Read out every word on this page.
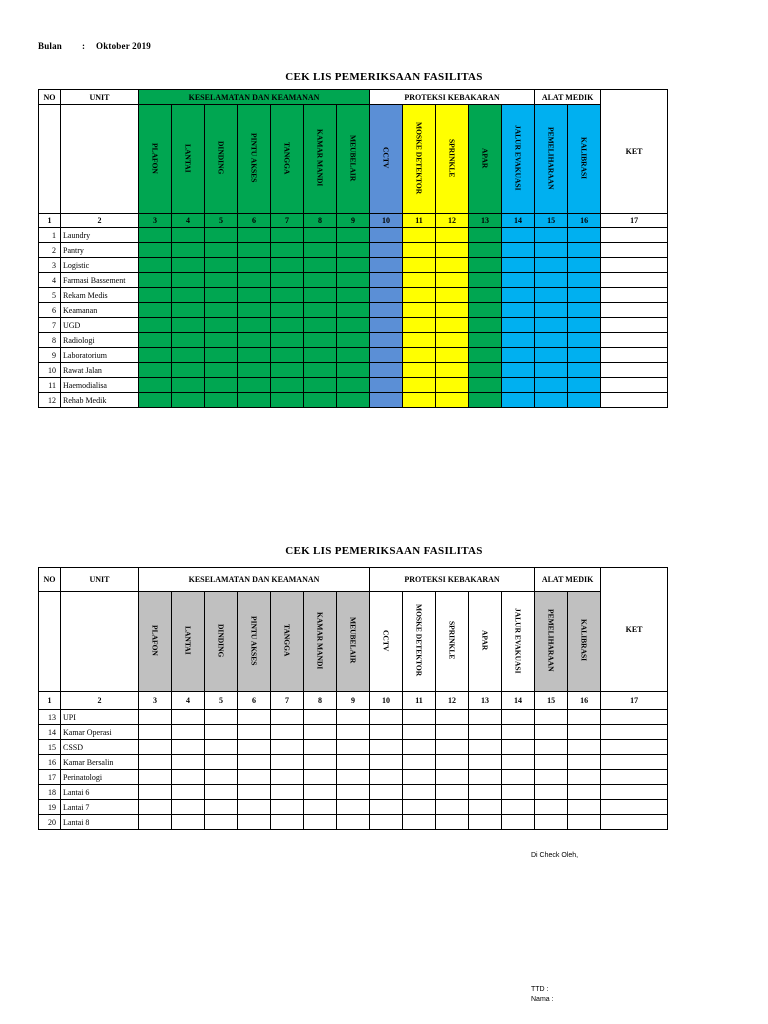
Bulan : Oktober 2019
CEK LIS PEMERIKSAAN FASILITAS
NO	UNIT	KESELAMATAN DAN KEAMANAN							PROTEKSI KEBAKARAN					ALAT MEDIK		KET
		PLAFON	LANTAI	DINDING	PINTU AKSES	TANGGA	KAMAR MANDI	MEUBELAIR	CCTV	MOSKE DETEKTOR	SPRINKLE	APAR	JALUR EVAKUASI	PEMELIHARAAN	KALIBRASI	
1	2	3	4	5	6	7	8	9	10	11	12	13	14	15	16	17
1	Laundry															
2	Pantry															
3	Logistic															
4	Farmasi Bassement															
5	Rekam Medis															
6	Keamanan															
7	UGD															
8	Radiologi															
9	Laboratorium															
10	Rawat Jalan															
11	Haemodialisa															
12	Rehab Medik															
CEK LIS PEMERIKSAAN FASILITAS
NO	UNIT	KESELAMATAN DAN KEAMANAN							PROTEKSI KEBAKARAN					ALAT MEDIK		KET
		PLAFON	LANTAI	DINDING	PINTU AKSES	TANGGA	KAMAR MANDI	MEUBELAIR	CCTV	MOSKE DETEKTOR	SPRINKLE	APAR	JALUR EVAKUASI	PEMELIHARAAN	KALIBRASI	
1	2	3	4	5	6	7	8	9	10	11	12	13	14	15	16	17
13	UPI															
14	Kamar Operasi															
15	CSSD															
16	Kamar Bersalin															
17	Perinatologi															
18	Lantai 6															
19	Lantai 7															
20	Lantai 8															
Di Check Oleh,
TTD :
Nama :
